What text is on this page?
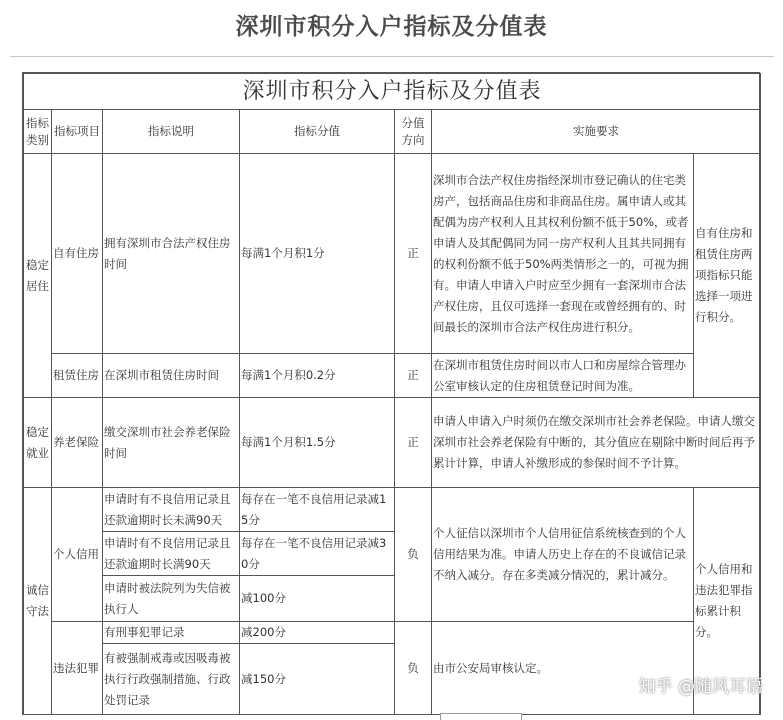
深圳市积分入户指标及分值表
深圳市积分入户指标及分值表						
指标类别	指标项目	指标说明	指标分值	分值方向	实施要求	
稳定居住	自有住房	拥有深圳市合法产权住房时间	每满1个月积1分	正	深圳市合法产权住房指经深圳市登记确认的住宅类房产，包括商品住房和非商品住房。属申请人或其配偶为房产权利人且其权利份额不低于50%，或者申请人及其配偶同为同一房产权利人且其共同拥有的权利份额不低于50%两类情形之一的，可视为拥有。申请人申请入户时应至少拥有一套深圳市合法产权住房，且仅可选择一套现在或曾经拥有的、时间最长的深圳市合法产权住房进行积分。	自有住房和租赁住房两项指标只能选择一项进行积分。
	租赁住房	在深圳市租赁住房时间	每满1个月积0.2分	正	在深圳市租赁住房时间以市人口和房屋综合管理办公室审核认定的住房租赁登记时间为准。	
稳定就业	养老保险	缴交深圳市社会养老保险时间	每满1个月积1.5分	正	申请人申请入户时须仍在缴交深圳市社会养老保险。申请人缴交深圳市社会养老保险有中断的，其分值应在剔除中断时间后再予累计计算，申请人补缴形成的参保时间不予计算。	
诚信守法	个人信用	申请时有不良信用记录且还款逾期时长未满90天	每存在一笔不良信用记录减15分	负	个人征信以深圳市个人信用征信系统核查到的个人信用结果为准。申请人历史上存在的不良诚信记录不纳入减分。存在多类减分情况的，累计减分。	个人信用和违法犯罪指标累计积分。
		申请时有不良信用记录且还款逾期时长满90天	每存在一笔不良信用记录减30分			
		申请时被法院列为失信被执行人	减100分			
	违法犯罪	有刑事犯罪记录	减200分	负	由市公安局审核认定。	
		有被强制戒毒或因吸毒被执行行政强制措施、行政处罚记录	减150分				知乎 @随风耳语
